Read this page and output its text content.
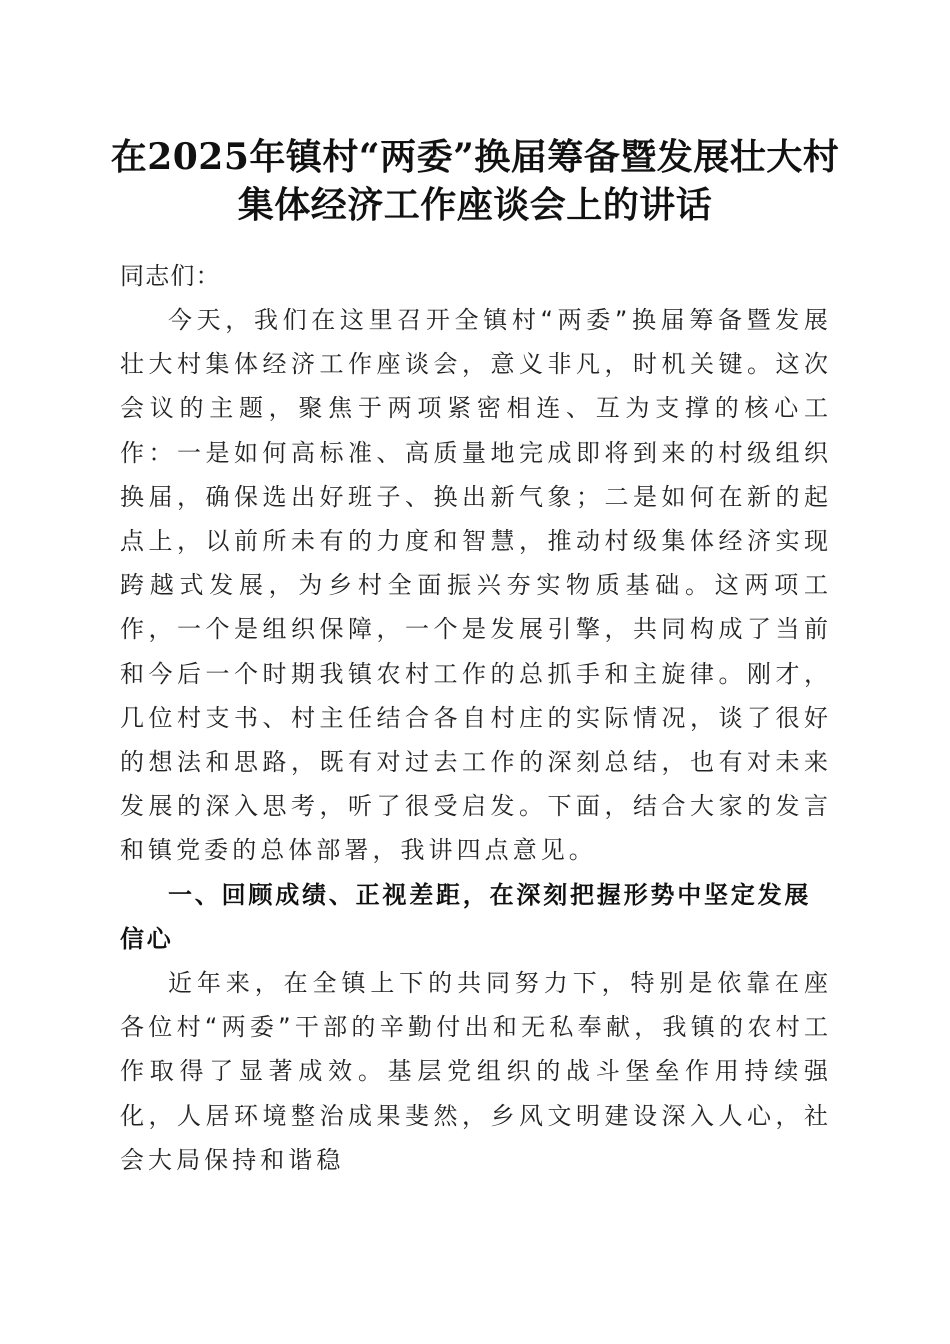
在2025年镇村“两委”换届筹备暨发展壮大村集体经济工作座谈会上的讲话

同志们：

今天，我们在这里召开全镇村“两委”换届筹备暨发展壮大村集体经济工作座谈会，意义非凡，时机关键。这次会议的主题，聚焦于两项紧密相连、互为支撑的核心工作：一是如何高标准、高质量地完成即将到来的村级组织换届，确保选出好班子、换出新气象；二是如何在新的起点上，以前所未有的力度和智慧，推动村级集体经济实现跨越式发展，为乡村全面振兴夯实物质基础。这两项工作，一个是组织保障，一个是发展引擎，共同构成了当前和今后一个时期我镇农村工作的总抓手和主旋律。刚才，几位村支书、村主任结合各自村庄的实际情况，谈了很好的想法和思路，既有对过去工作的深刻总结，也有对未来发展的深入思考，听了很受启发。下面，结合大家的发言和镇党委的总体部署，我讲四点意见。

一、回顾成绩、正视差距，在深刻把握形势中坚定发展信心

近年来，在全镇上下的共同努力下，特别是依靠在座各位村“两委”干部的辛勤付出和无私奉献，我镇的农村工作取得了显著成效。基层党组织的战斗堡垒作用持续强化，人居环境整治成果斐然，乡风文明建设深入人心，社会大局保持和谐稳
